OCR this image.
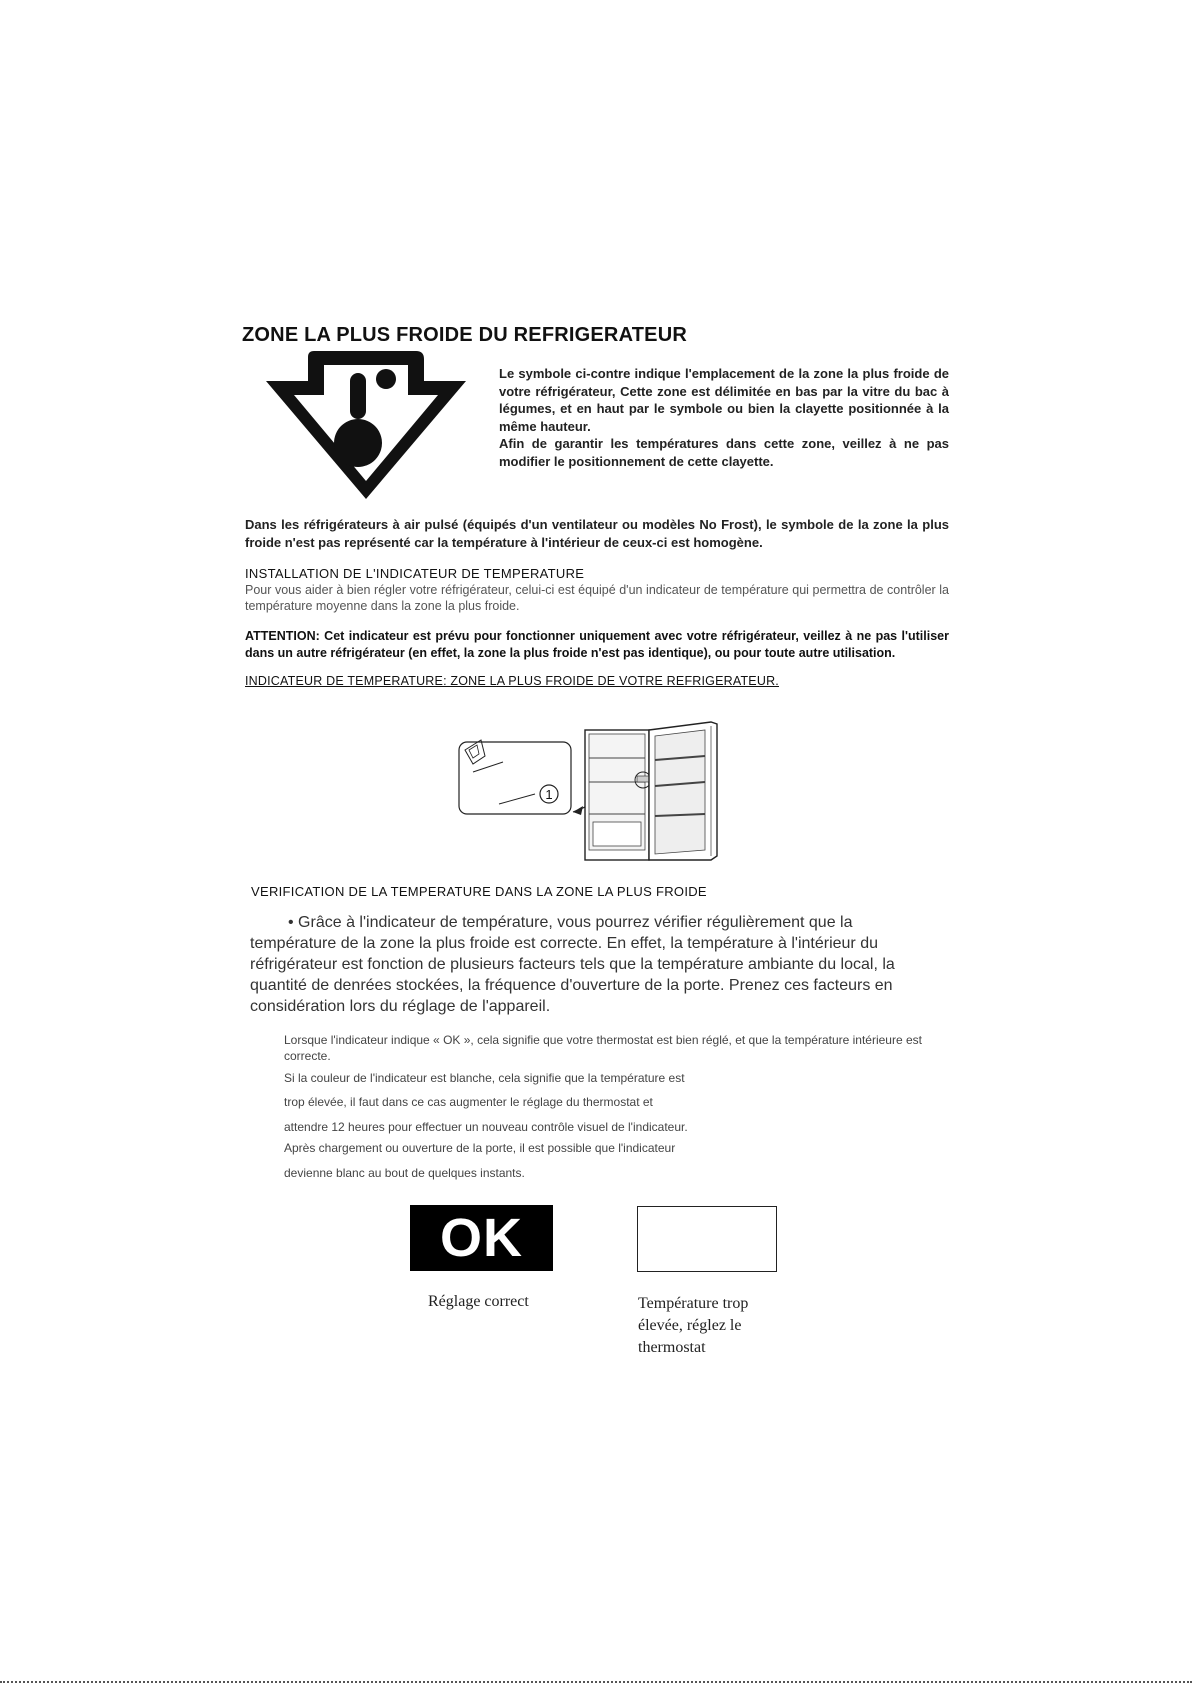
ZONE LA PLUS FROIDE DU REFRIGERATEUR

Le symbole ci-contre indique l'emplacement de la zone la plus froide de votre réfrigérateur, Cette zone est délimitée en bas par la vitre du bac à légumes, et en haut par le symbole ou bien la clayette positionnée à la même hauteur.

Afin de garantir les températures dans cette zone, veillez à ne pas modifier le positionnement de cette clayette.

Dans les réfrigérateurs à air pulsé (équipés d'un ventilateur ou modèles No Frost), le symbole de la zone la plus froide n'est pas représenté car la température à l'intérieur de ceux-ci est homogène.

INSTALLATION DE L'INDICATEUR DE TEMPERATURE

Pour vous aider à bien régler votre réfrigérateur, celui-ci est équipé d'un indicateur de température qui permettra de contrôler la température moyenne dans la zone la plus froide.

ATTENTION: Cet indicateur est prévu pour fonctionner uniquement avec votre réfrigérateur, veillez à ne pas l'utiliser dans un autre réfrigérateur (en effet, la zone la plus froide n'est pas identique), ou pour toute autre utilisation.

INDICATEUR DE TEMPERATURE: ZONE LA PLUS FROIDE DE VOTRE REFRIGERATEUR.
1
VERIFICATION DE LA TEMPERATURE DANS LA ZONE LA PLUS FROIDE

• Grâce à l'indicateur de température, vous pourrez vérifier régulièrement que la température de la zone la plus froide est correcte. En effet, la température à l'intérieur du réfrigérateur est fonction de plusieurs facteurs tels que la température ambiante du local, la quantité de denrées stockées, la fréquence d'ouverture de la porte. Prenez ces facteurs en considération lors du réglage de l'appareil.

Lorsque l'indicateur indique « OK », cela signifie que votre thermostat est bien réglé, et que la température intérieure est correcte.

Si la couleur de l'indicateur est blanche, cela signifie que la température est

trop élevée, il faut dans ce cas augmenter le réglage du thermostat et

attendre 12 heures pour effectuer un nouveau contrôle visuel de l'indicateur.

Après chargement ou ouverture de la porte, il est possible que l'indicateur

devienne blanc au bout de quelques instants.

OK

Réglage correct	Température trop élevée, réglez le thermostat
